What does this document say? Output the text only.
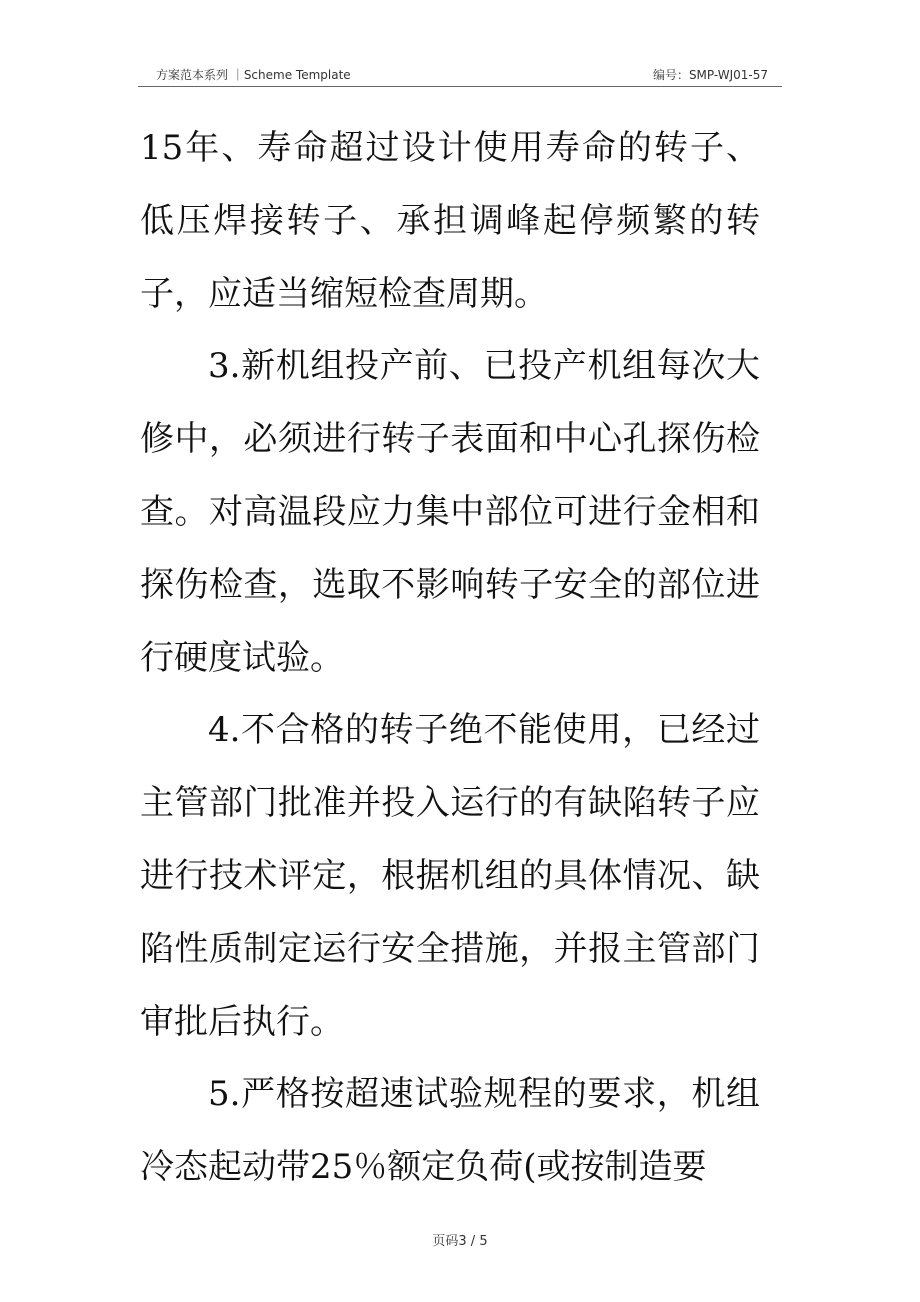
方案范本系列 ｜Scheme Template	编号：SMP-WJ01-57

15年、寿命超过设计使用寿命的转子、低压焊接转子、承担调峰起停频繁的转子，应适当缩短检查周期。

3.新机组投产前、已投产机组每次大修中，必须进行转子表面和中心孔探伤检查。对高温段应力集中部位可进行金相和探伤检查，选取不影响转子安全的部位进行硬度试验。

4.不合格的转子绝不能使用，已经过主管部门批准并投入运行的有缺陷转子应进行技术评定，根据机组的具体情况、缺陷性质制定运行安全措施，并报主管部门审批后执行。

5.严格按超速试验规程的要求，机组冷态起动带25％额定负荷(或按制造要

页码3 / 5
